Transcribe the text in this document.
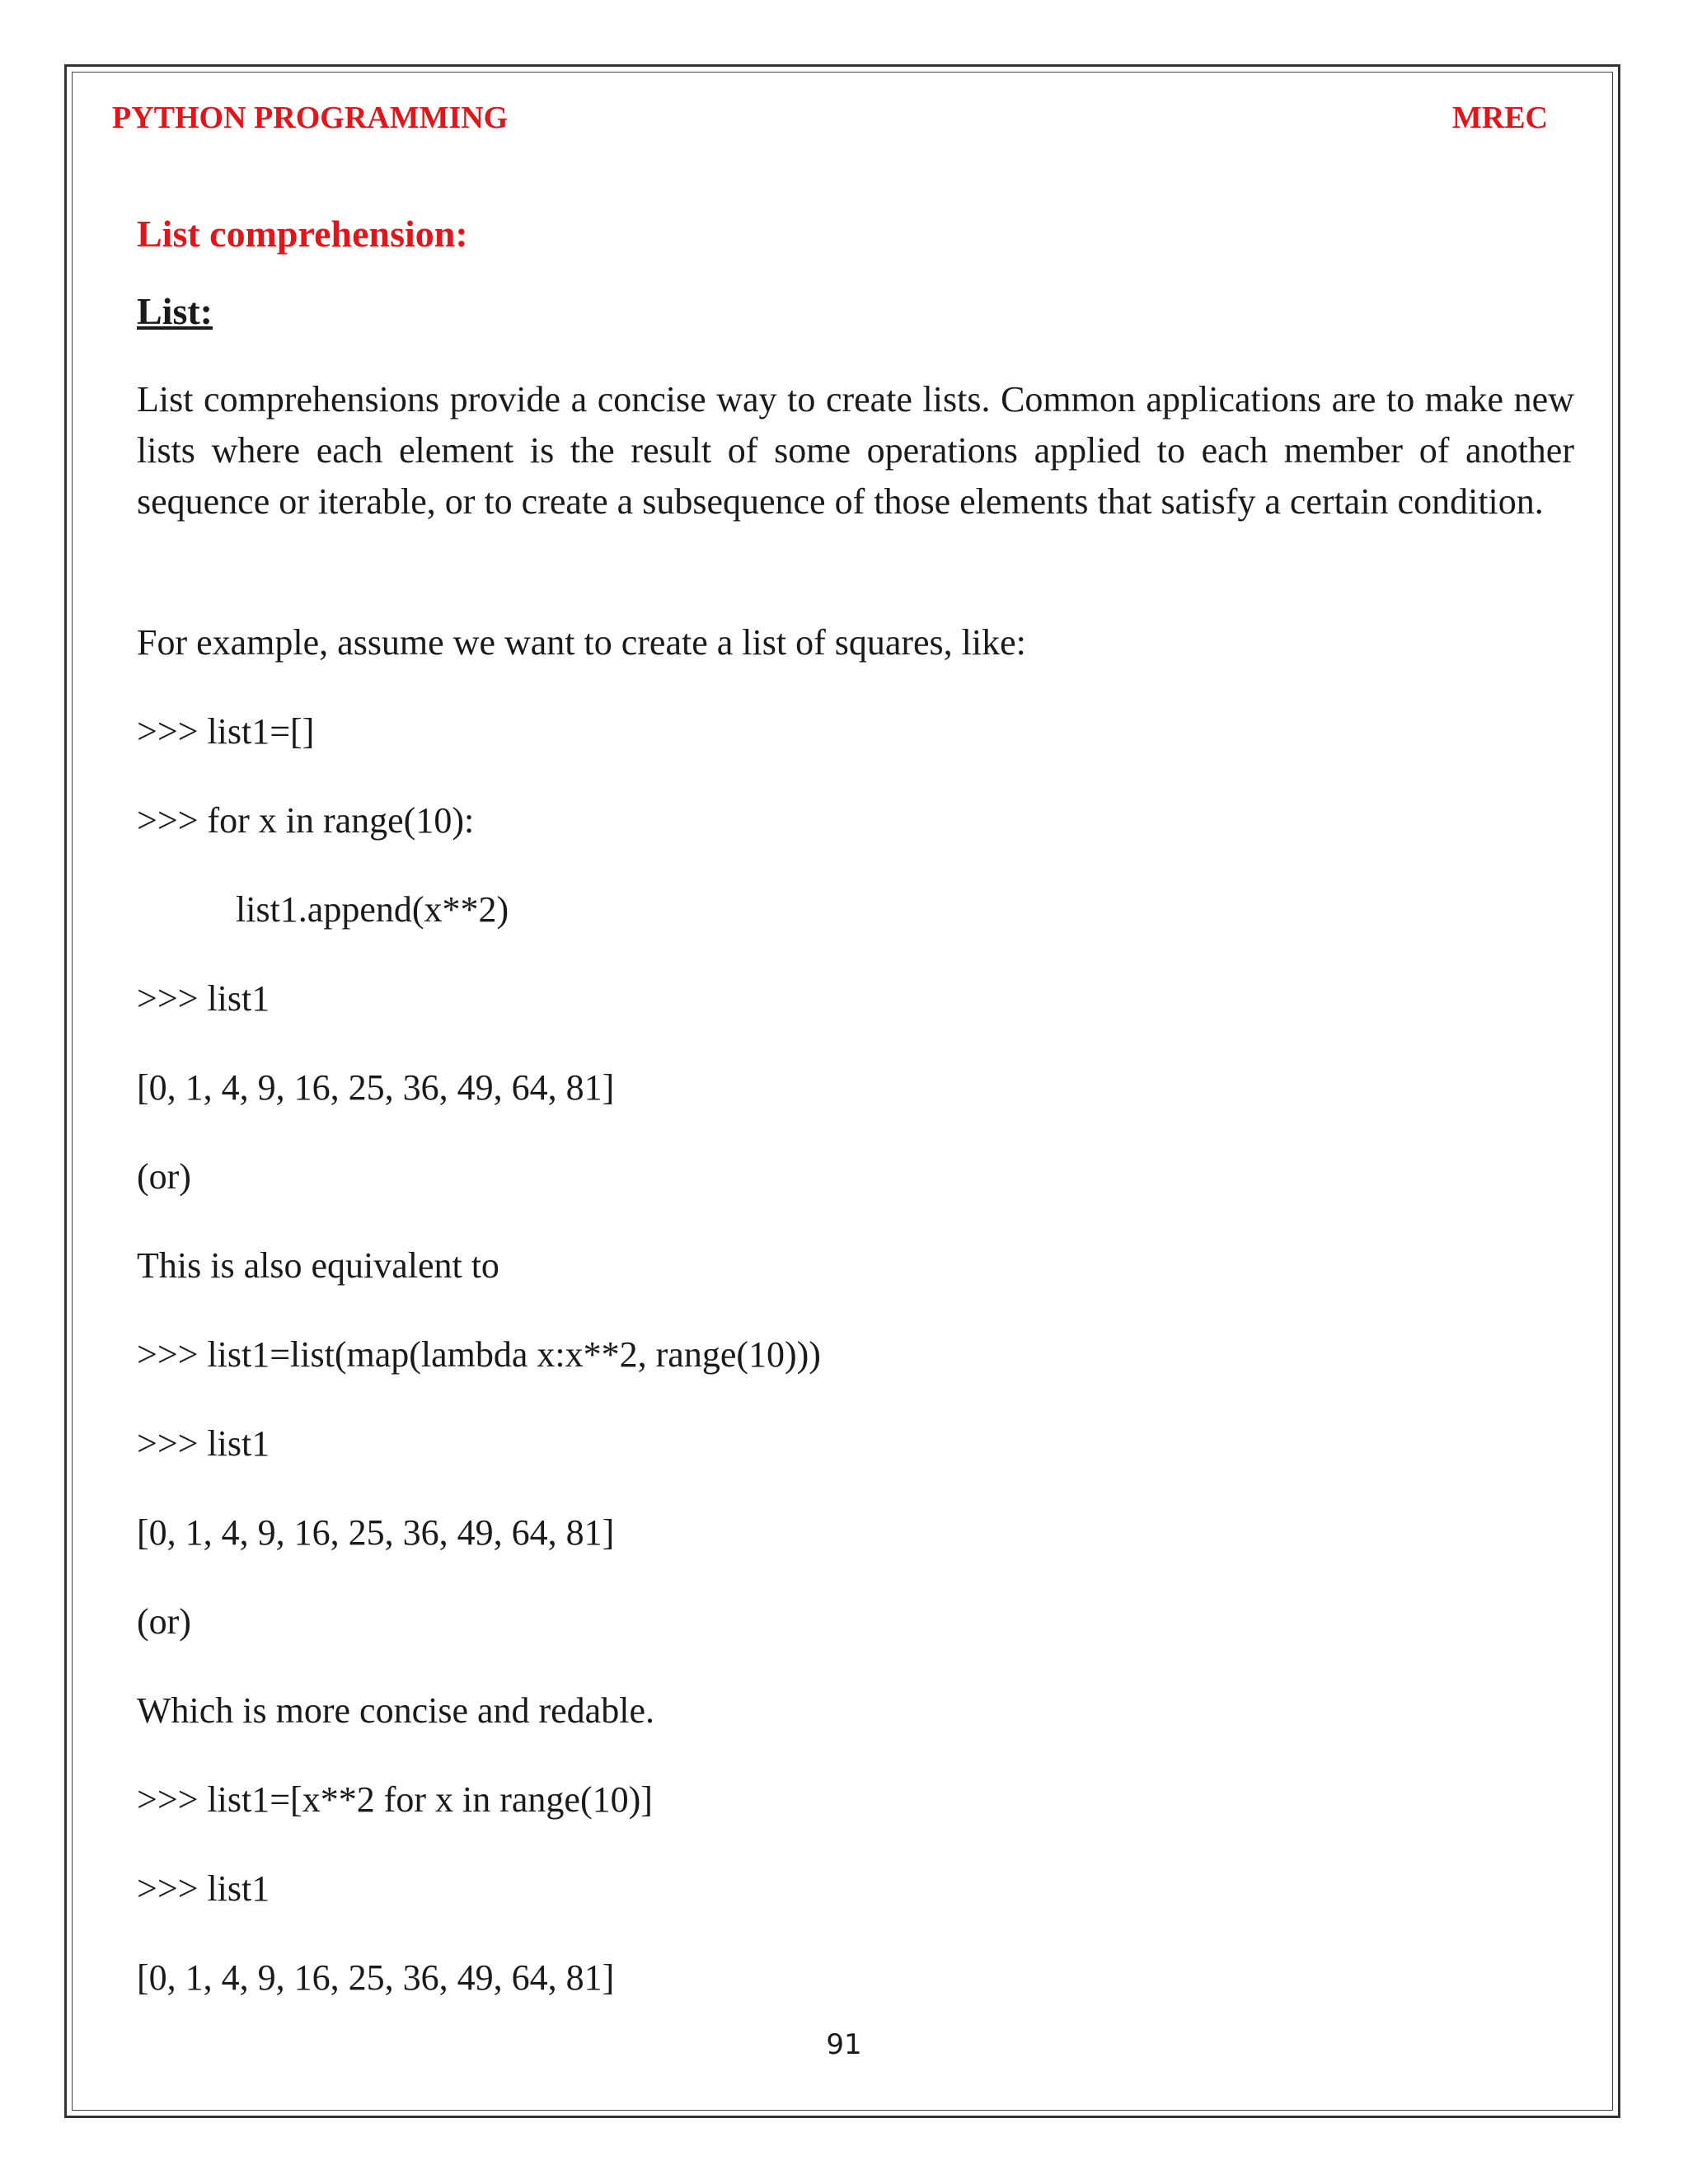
PYTHON PROGRAMMING	MREC
List comprehension:
List:
List comprehensions provide a concise way to create lists. Common applications are to make new lists where each element is the result of some operations applied to each member of another sequence or iterable, or to create a subsequence of those elements that satisfy a certain condition.
For example, assume we want to create a list of squares, like:
>>> list1=[]
>>> for x in range(10):
list1.append(x**2)
>>> list1
[0, 1, 4, 9, 16, 25, 36, 49, 64, 81]
(or)
This is also equivalent to
>>> list1=list(map(lambda x:x**2, range(10)))
>>> list1
[0, 1, 4, 9, 16, 25, 36, 49, 64, 81]
(or)
Which is more concise and redable.
>>> list1=[x**2 for x in range(10)]
>>> list1
[0, 1, 4, 9, 16, 25, 36, 49, 64, 81]
91
